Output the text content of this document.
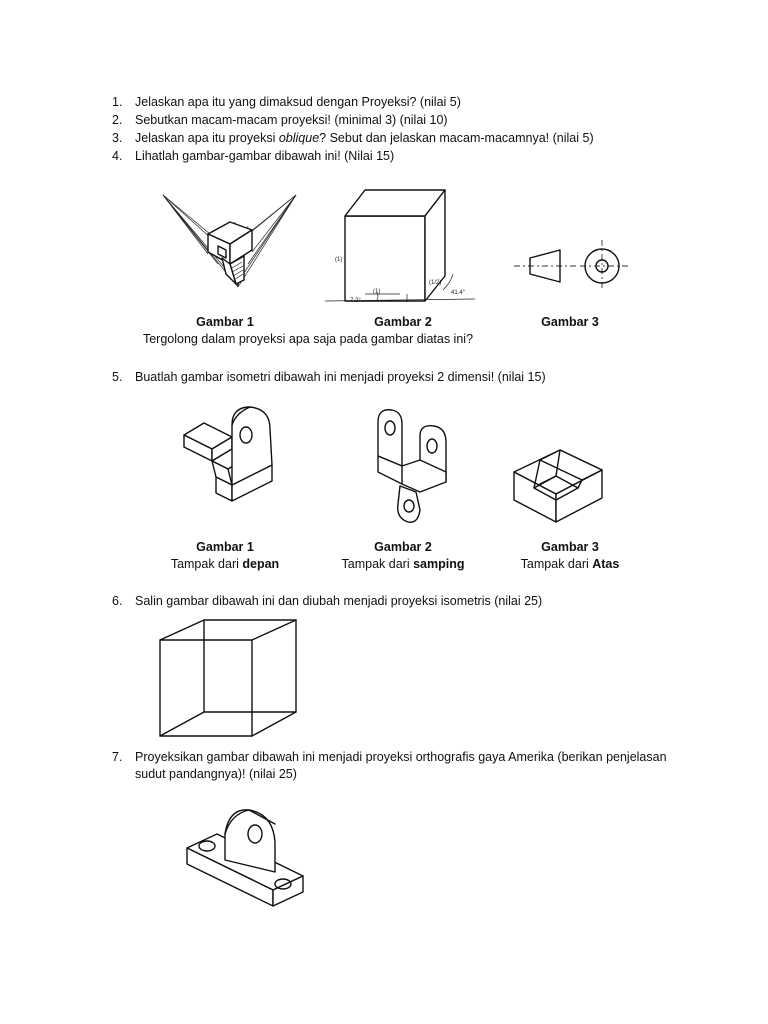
1.	Jelaskan apa itu yang dimaksud dengan Proyeksi? (nilai 5)
2.	Sebutkan macam-macam proyeksi! (minimal 3) (nilai 10)
3.	Jelaskan apa itu proyeksi oblique? Sebut dan jelaskan macam-macamnya! (nilai 5)
4.	Lihatlah gambar-gambar dibawah ini! (Nilai 15)
(1)
(1)
(1/2)
7.2°
41.4°
Gambar 1	Gambar 2	Gambar 3
Tergolong dalam proyeksi apa saja pada gambar diatas ini?
5.	Buatlah gambar isometri dibawah ini menjadi proyeksi 2 dimensi! (nilai 15)
Gambar 1	Gambar 2	Gambar 3
Tampak dari depan	Tampak dari samping	Tampak dari Atas
6.	Salin gambar dibawah ini dan diubah menjadi proyeksi isometris (nilai 25)
7.	Proyeksikan gambar dibawah ini menjadi proyeksi orthografis gaya Amerika (berikan penjelasan sudut pandangnya)! (nilai 25)
